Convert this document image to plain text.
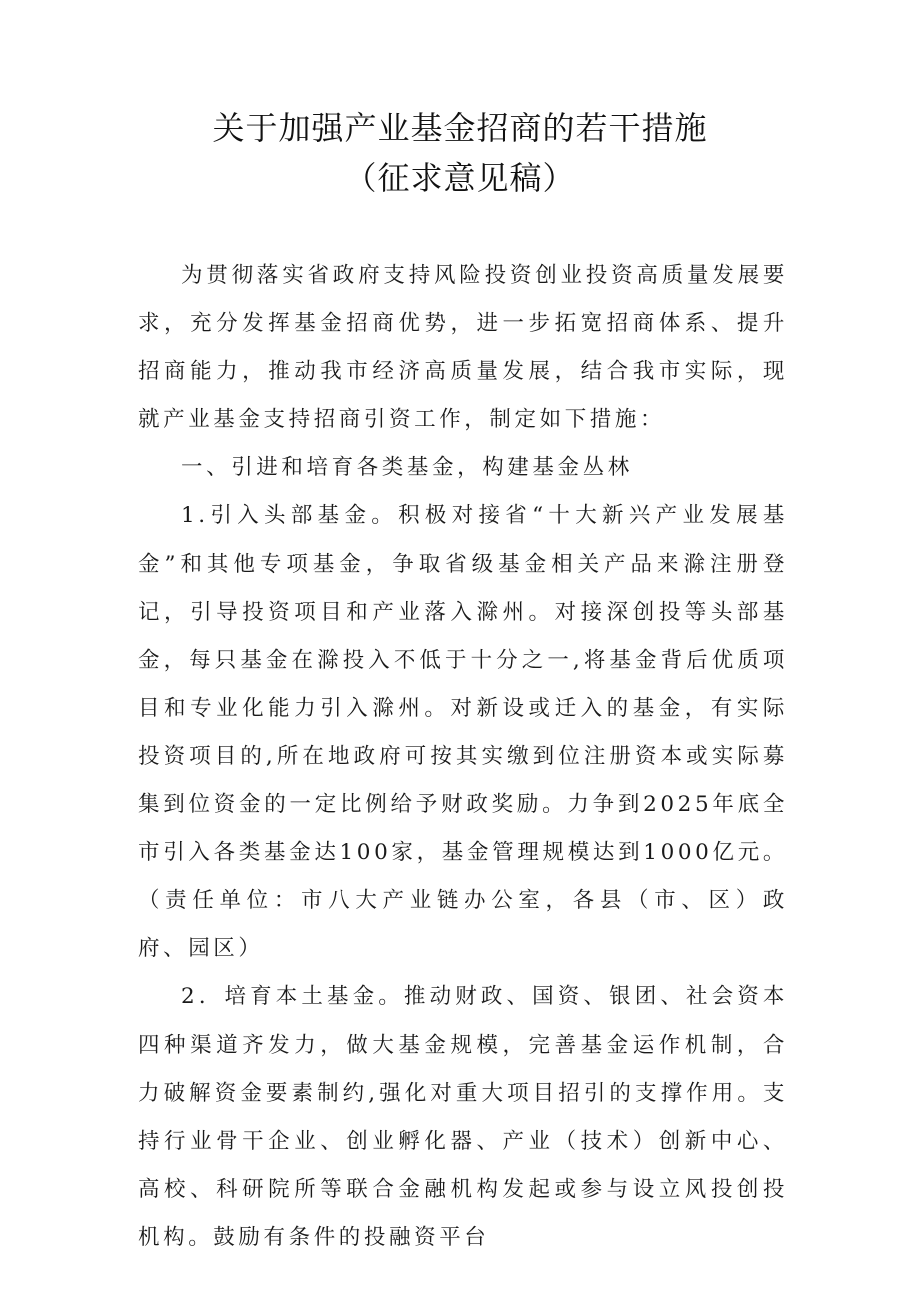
关于加强产业基金招商的若干措施
（征求意见稿）

为贯彻落实省政府支持风险投资创业投资高质量发展要求，充分发挥基金招商优势，进一步拓宽招商体系、提升招商能力，推动我市经济高质量发展，结合我市实际，现就产业基金支持招商引资工作，制定如下措施：

一、引进和培育各类基金，构建基金丛林

1.引入头部基金。积极对接省“十大新兴产业发展基金”和其他专项基金，争取省级基金相关产品来滁注册登记，引导投资项目和产业落入滁州。对接深创投等头部基金，每只基金在滁投入不低于十分之一,将基金背后优质项目和专业化能力引入滁州。对新设或迁入的基金，有实际投资项目的,所在地政府可按其实缴到位注册资本或实际募集到位资金的一定比例给予财政奖励。力争到2025年底全市引入各类基金达100家，基金管理规模达到1000亿元。（责任单位：市八大产业链办公室，各县（市、区）政府、园区）

2．培育本土基金。推动财政、国资、银团、社会资本四种渠道齐发力，做大基金规模，完善基金运作机制，合力破解资金要素制约,强化对重大项目招引的支撑作用。支持行业骨干企业、创业孵化器、产业（技术）创新中心、高校、科研院所等联合金融机构发起或参与设立风投创投机构。鼓励有条件的投融资平台
